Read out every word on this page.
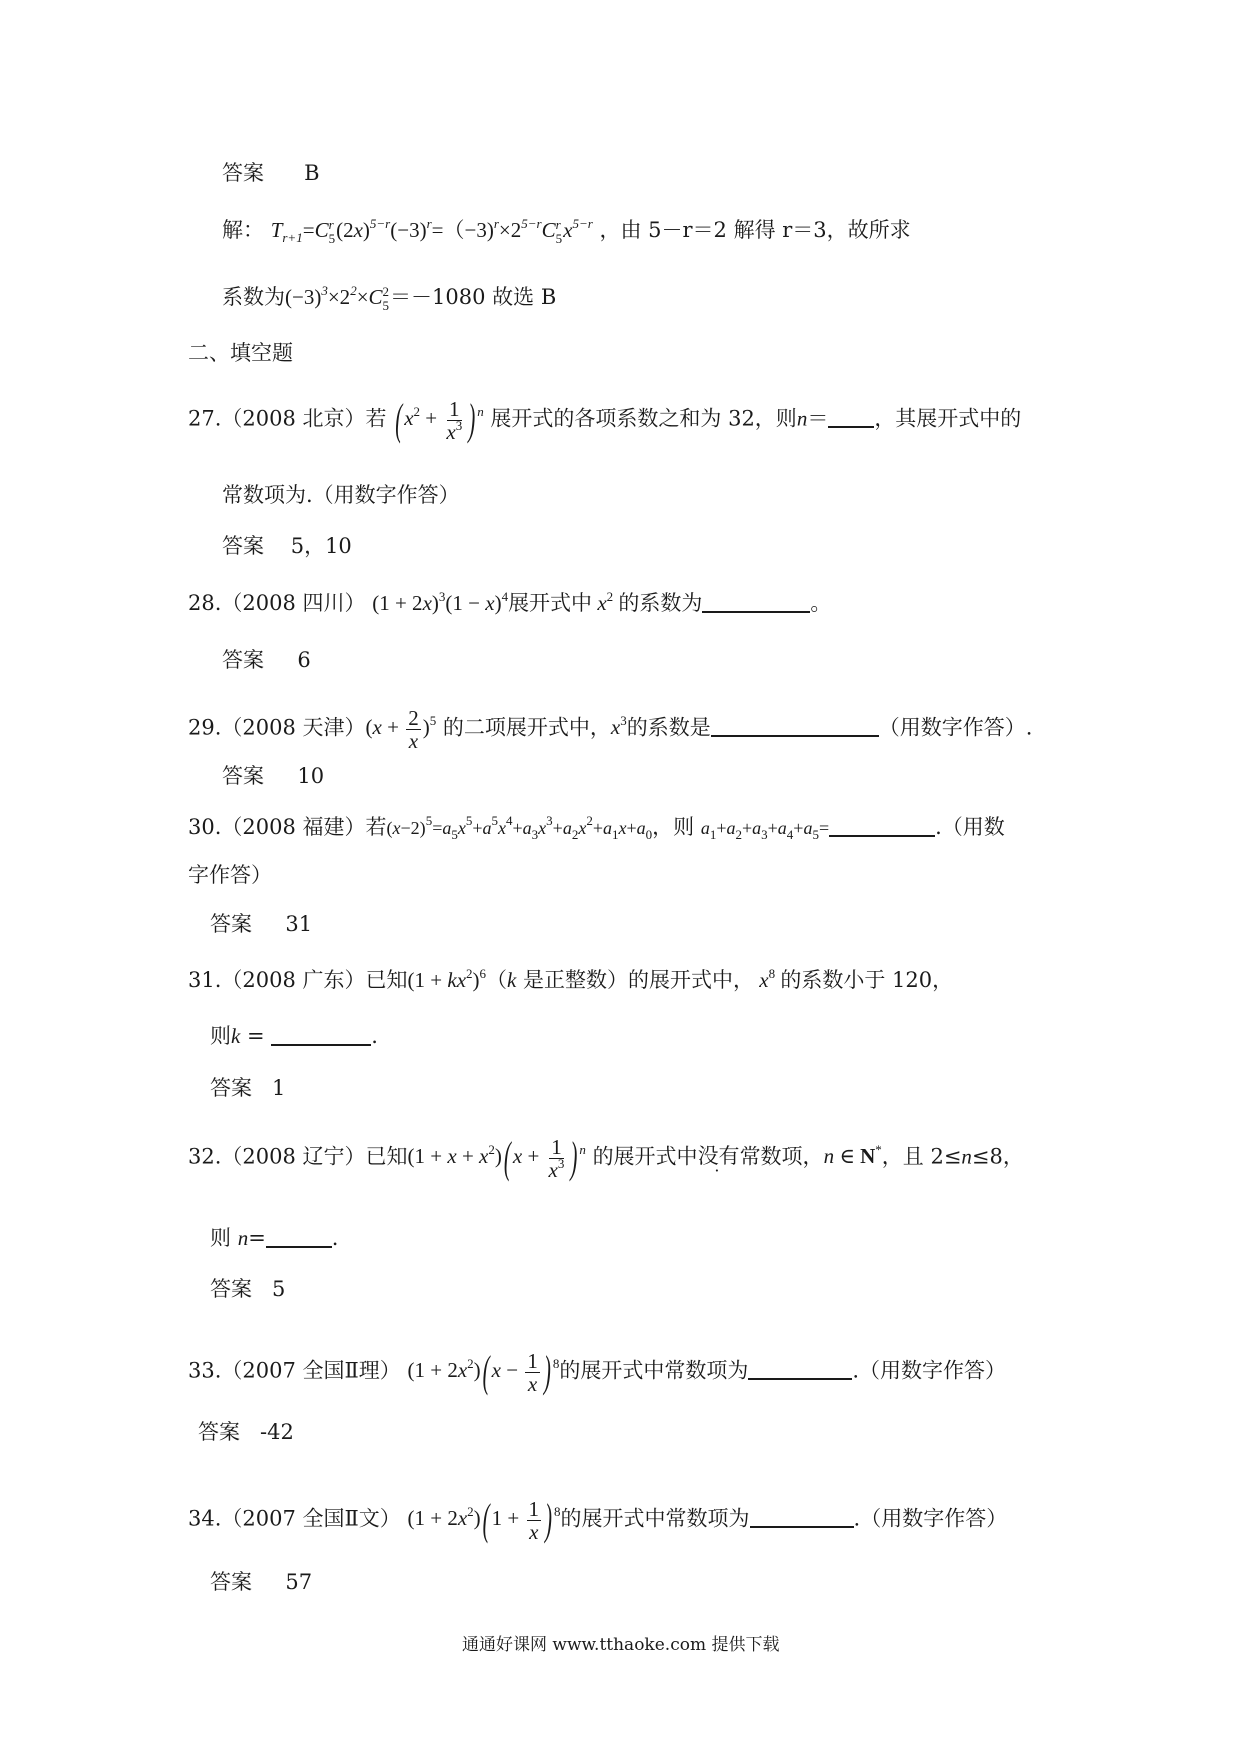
答案 B
解： $T_{r+1}=C$ r
5 $(2x)^{5-r}(-3)^r=(-3)^r\times 2^{5-r}C$ r
5 $x^{5-r}$ ，由 5－r＝2 解得 r＝3，故所求
系数为$(-3)^3\times 2^2\times C$ 2
5 ＝－1080 故选 B
二、填空题
27.（2008 北京）若 ($x^2 + \frac{1}{x^3}$ ) $^n$ 展开式的各项系数之和为 32，则n＝ ，其展开式中的
常数项为.（用数字作答）
答案 5，10
28.（2008 四川） $(1 + 2x)^3(1 - x)^4$展开式中 $x^2$ 的系数为	。
答案 6
29.（2008 天津）$(x + \frac{2}{x} )^5$ 的二项展开式中，$x^3$的系数是	（用数字作答）.
答案 10
30.（2008 福建）若$(x-2)^5=a_5x^5+a^5x^4+a_3x^3+a_2x^2+a_1x+a_0$，则 $a_1+a_2+a_3+a_4+a_5=$	.（用数
字作答）
答案 31
31.（2008 广东）已知$(1 + kx^2)^6(k$ 是正整数）的展开式中， $x^8$ 的系数小于 120，
则k =	.
答案 1
32.（2008 辽宁）已知$(1 + x + x^2)(x + \frac{1}{x^3}$ ) $^n$ 的展开式中没有常数项，n ∈ N*，且 2≤n≤8，
则 n=	.
答案 5
33.（2007 全国Ⅱ理） $(1 + 2x^2)(x - \frac{1}{x}$ ) $^8$的展开式中常数项为	.（用数字作答）
答案 -42
34.（2007 全国Ⅱ文） $(1 + 2x^2)(1 + \frac{1}{x}$ ) $^8$的展开式中常数项为	.（用数字作答）
答案 57
通通好课网 www.tthaoke.com 提供下载
